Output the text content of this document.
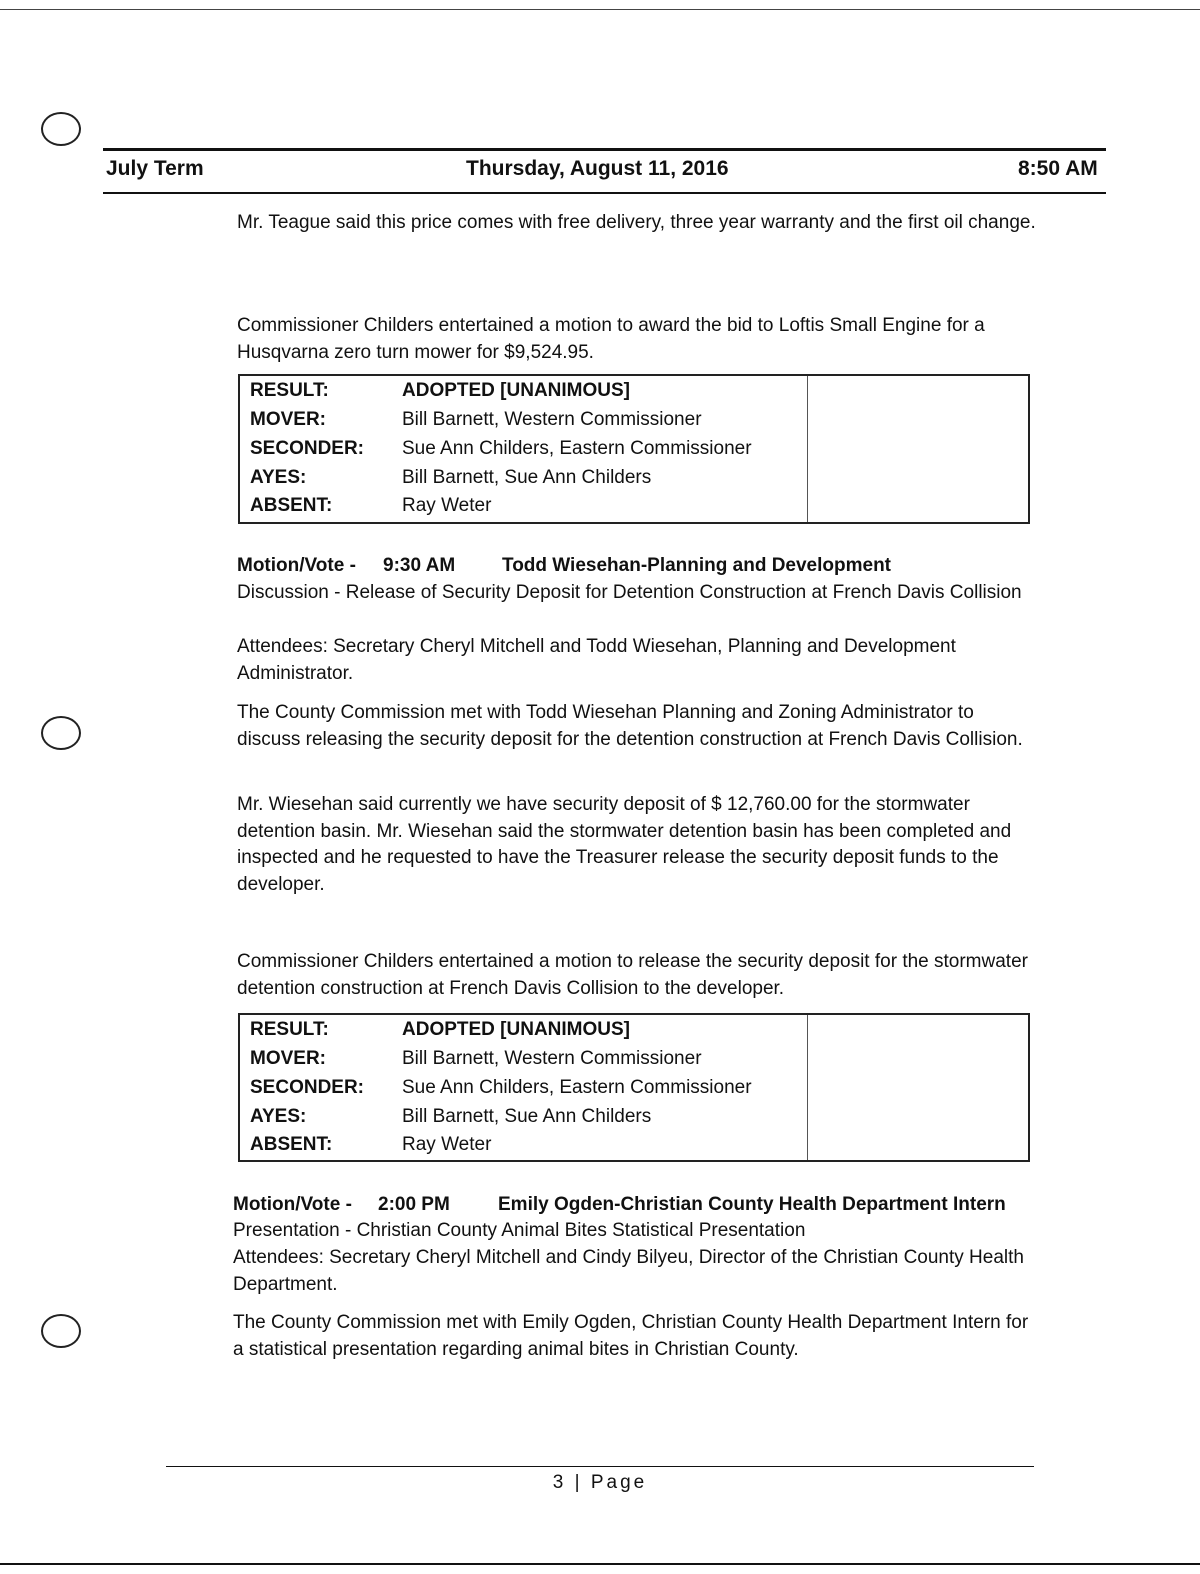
July Term	Thursday, August 11, 2016	8:50 AM
Mr. Teague said this price comes with free delivery, three year warranty and the first oil change.
Commissioner Childers entertained a motion to award the bid to Loftis Small Engine for a Husqvarna zero turn mower for $9,524.95.
RESULT:	ADOPTED [UNANIMOUS]
MOVER:	Bill Barnett, Western Commissioner
SECONDER:	Sue Ann Childers, Eastern Commissioner
AYES:	Bill Barnett, Sue Ann Childers
ABSENT:	Ray Weter
Motion/Vote - 9:30 AM Todd Wiesehan-Planning and Development
Discussion - Release of Security Deposit for Detention Construction at French Davis Collision
Attendees: Secretary Cheryl Mitchell and Todd Wiesehan, Planning and Development Administrator.
The County Commission met with Todd Wiesehan Planning and Zoning Administrator to discuss releasing the security deposit for the detention construction at French Davis Collision.
Mr. Wiesehan said currently we have security deposit of $ 12,760.00 for the stormwater detention basin. Mr. Wiesehan said the stormwater detention basin has been completed and inspected and he requested to have the Treasurer release the security deposit funds to the developer.
Commissioner Childers entertained a motion to release the security deposit for the stormwater detention construction at French Davis Collision to the developer.
RESULT:	ADOPTED [UNANIMOUS]
MOVER:	Bill Barnett, Western Commissioner
SECONDER:	Sue Ann Childers, Eastern Commissioner
AYES:	Bill Barnett, Sue Ann Childers
ABSENT:	Ray Weter
Motion/Vote - 2:00 PM	Emily Ogden-Christian County Health Department Intern
Presentation - Christian County Animal Bites Statistical Presentation
Attendees: Secretary Cheryl Mitchell and Cindy Bilyeu, Director of the Christian County Health Department.
The County Commission met with Emily Ogden, Christian County Health Department Intern for a statistical presentation regarding animal bites in Christian County.
3 | Page
